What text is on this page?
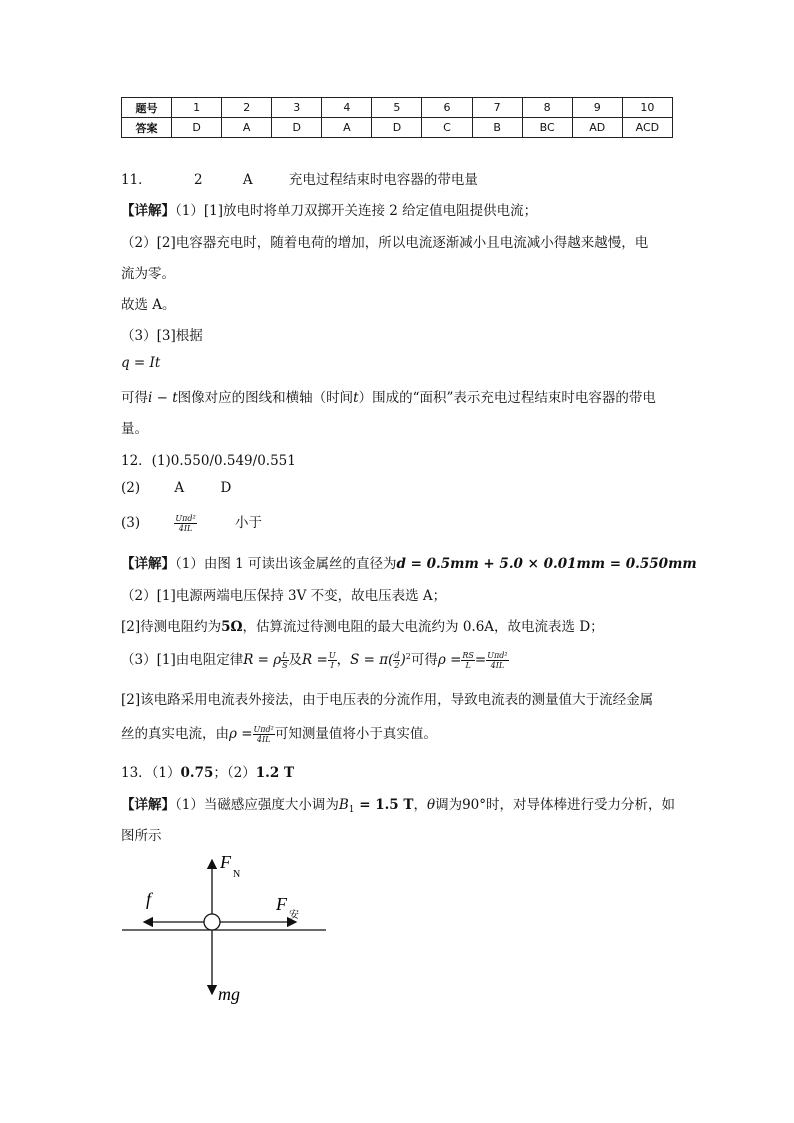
题号	1	2	3	4	5	6	7	8	9	10
答案	D	A	D	A	D	C	B	BC	AD	ACD
11．	2	A	充电过程结束时电容器的带电量
【详解】（1）[1]放电时将单刀双掷开关连接 2 给定值电阻提供电流；
（2）[2]电容器充电时，随着电荷的增加，所以电流逐渐减小且电流减小得越来越慢，电
流为零。
故选 A。
（3）[3]根据
q = It
可得i − t图像对应的图线和横轴（时间t）围成的“面积”表示充电过程结束时电容器的带电
量。
12．(1)0.550/0.549/0.551
(2)	A	D
(3)	$\frac{\text{Uπd²}}{4IL}$	小于
【详解】（1）由图 1 可读出该金属丝的直径为d = 0.5mm + 5.0 × 0.01mm = 0.550mm
（2）[1]电源两端电压保持 3V 不变，故电压表选 A；
[2]待测电阻约为5Ω，估算流过待测电阻的最大电流约为 0.6A，故电流表选 D；
（3）[1]由电阻定律R = ρ $\frac{L}{S}$ 及$R = \frac{U}{I}$ ，$S = \pi( \frac{d}{2} )^2$可得$\rho = \frac{RS}{L} = \frac{\text{Uπd²}}{4IL}$
[2]该电路采用电流表外接法，由于电压表的分流作用，导致电流表的测量值大于流经金属
丝的真实电流，由$\rho = \frac{\text{Uπd²}}{4IL}$ 可知测量值将小于真实值。
13．（1）0.75；（2）1.2 T
【详解】（1）当磁感应强度大小调为$B_1 = 1.5$ T，θ调为90°时，对导体棒进行受力分析，如
图所示
F
N
f	F
安
mg
